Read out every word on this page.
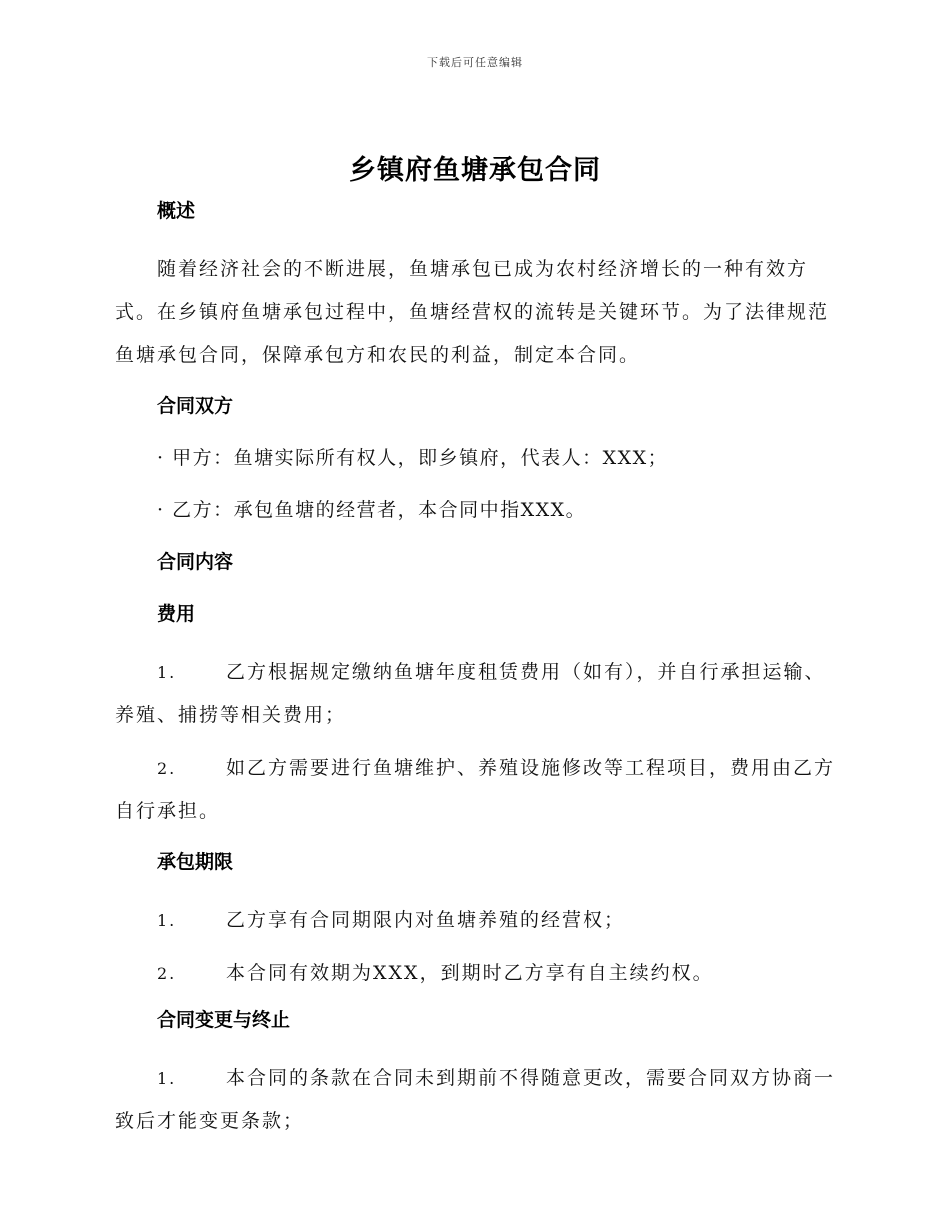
下载后可任意编辑
乡镇府鱼塘承包合同
概述
随着经济社会的不断进展，鱼塘承包已成为农村经济增长的一种有效方式。在乡镇府鱼塘承包过程中，鱼塘经营权的流转是关键环节。为了法律规范鱼塘承包合同，保障承包方和农民的利益，制定本合同。
合同双方
· 甲方：鱼塘实际所有权人，即乡镇府，代表人：XXX；
· 乙方：承包鱼塘的经营者，本合同中指XXX。
合同内容
费用
1.	乙方根据规定缴纳鱼塘年度租赁费用（如有），并自行承担运输、养殖、捕捞等相关费用；
2.	如乙方需要进行鱼塘维护、养殖设施修改等工程项目，费用由乙方自行承担。
承包期限
1.	乙方享有合同期限内对鱼塘养殖的经营权；
2.	本合同有效期为XXX，到期时乙方享有自主续约权。
合同变更与终止
1.	本合同的条款在合同未到期前不得随意更改，需要合同双方协商一致后才能变更条款；
